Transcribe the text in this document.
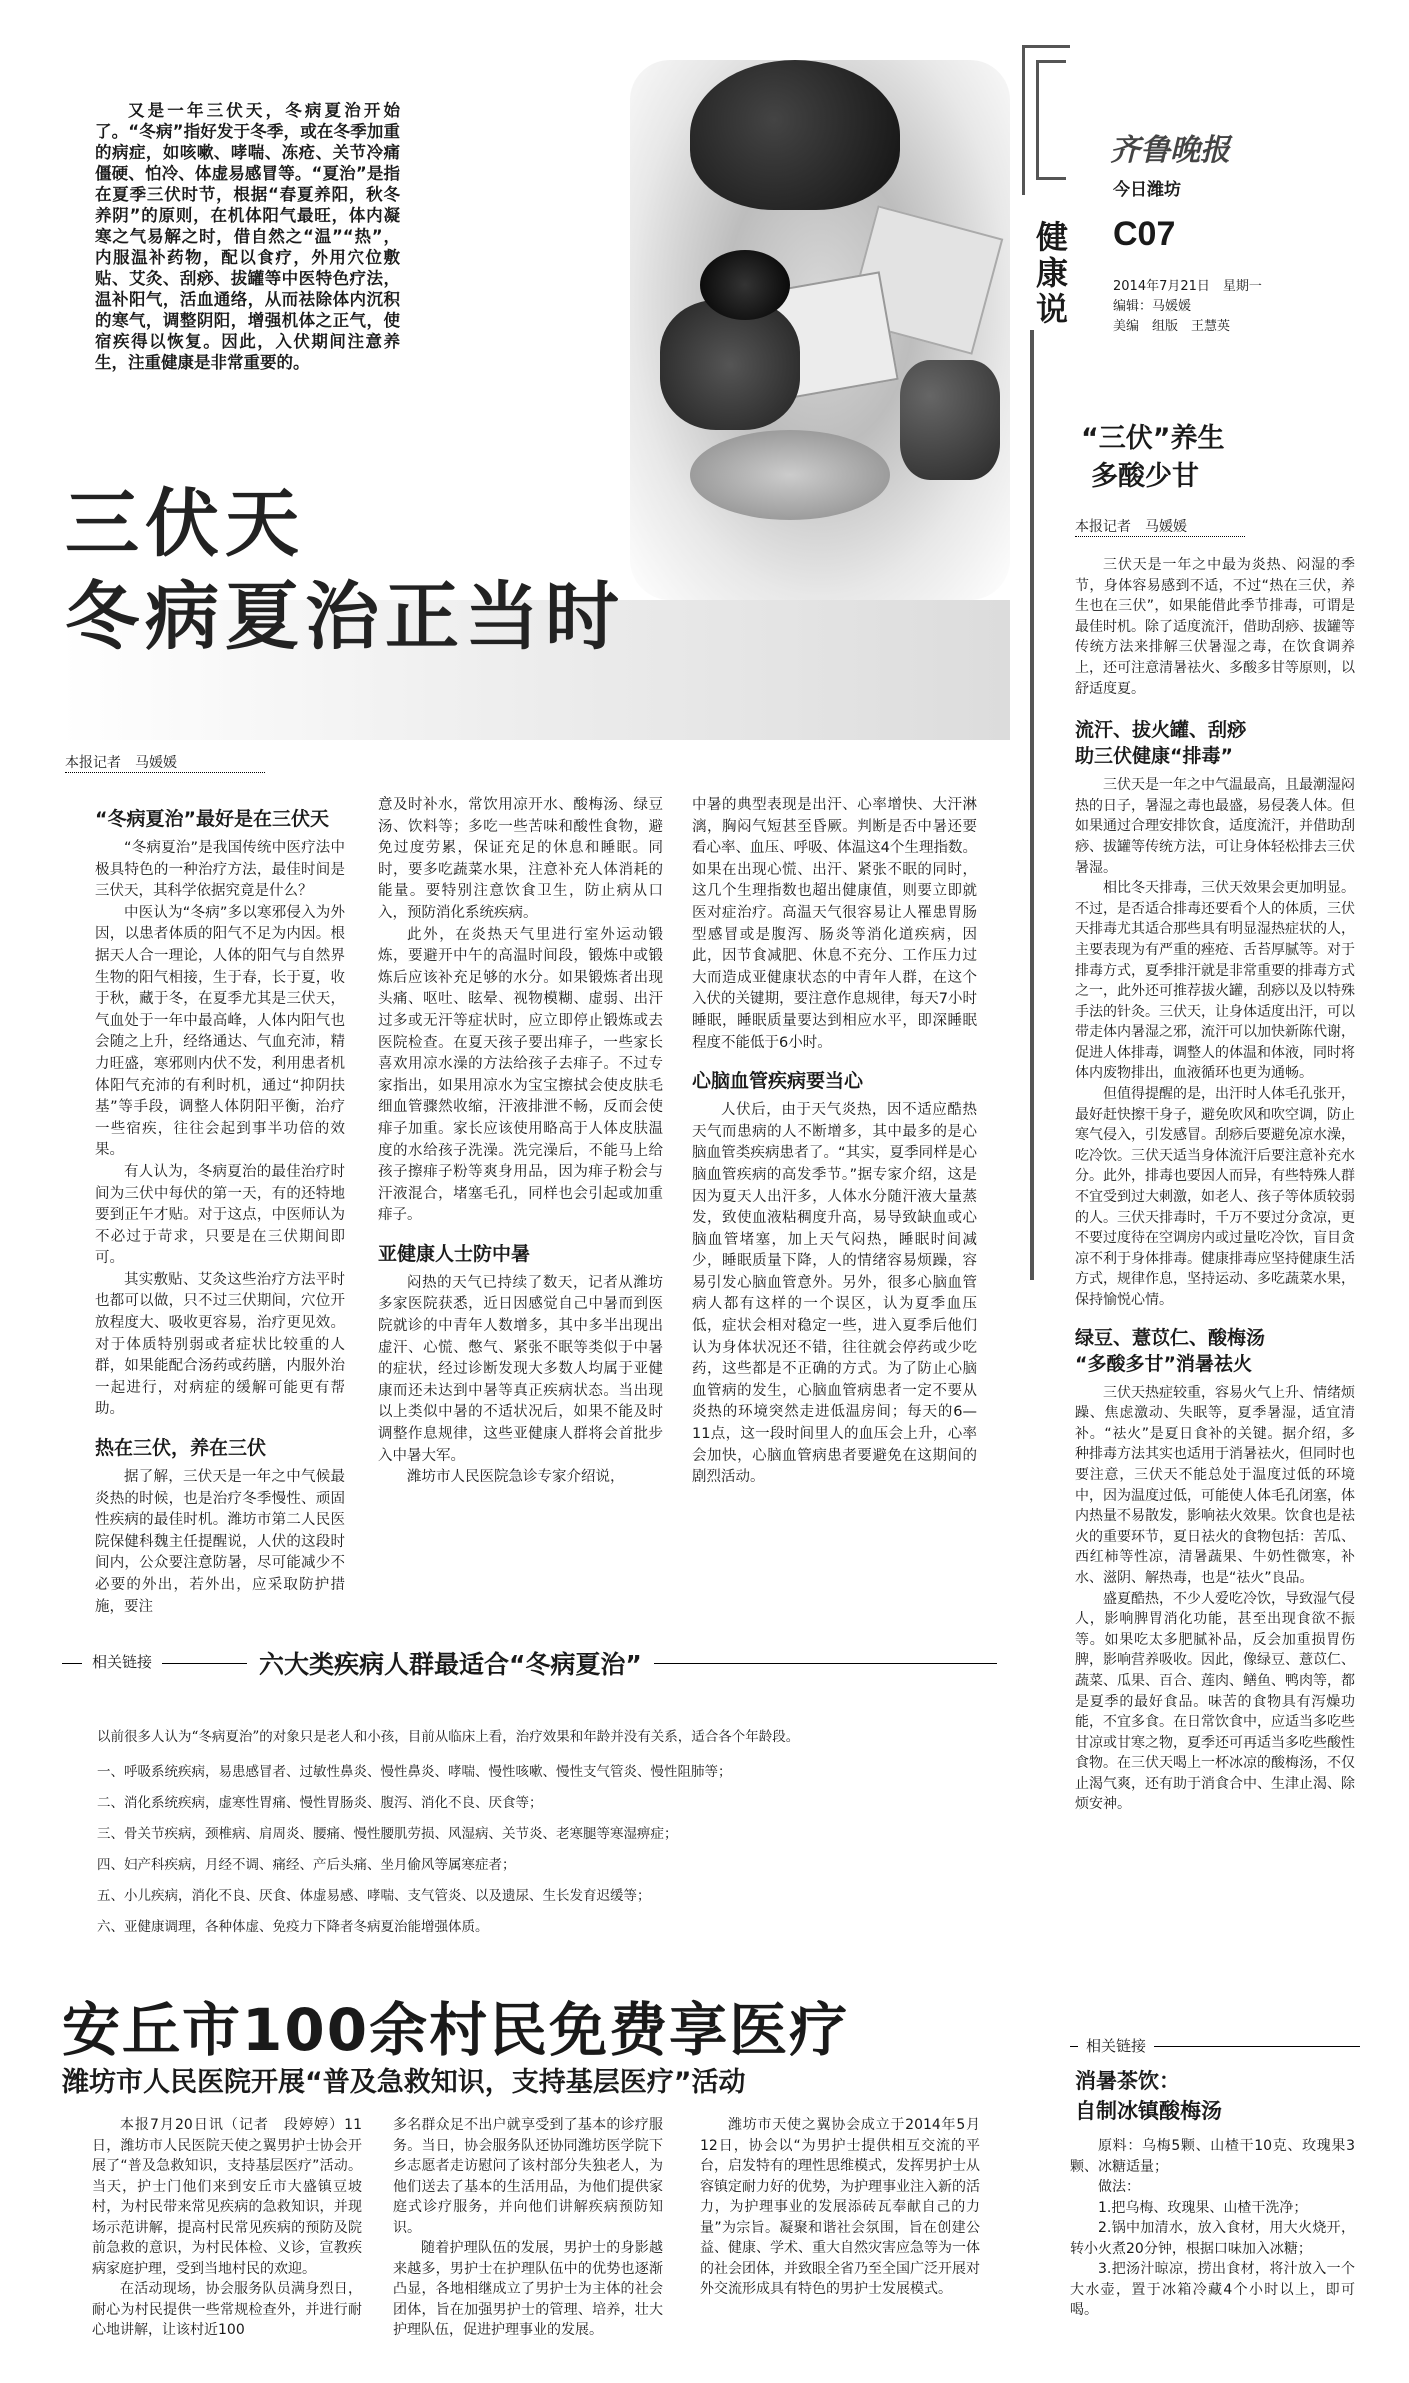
又是一年三伏天，冬病夏治开始了。“冬病”指好发于冬季，或在冬季加重的病症，如咳嗽、哮喘、冻疮、关节冷痛僵硬、怕冷、体虚易感冒等。“夏治”是指在夏季三伏时节，根据“春夏养阳，秋冬养阴”的原则，在机体阳气最旺，体内凝寒之气易解之时，借自然之“温”“热”，内服温补药物，配以食疗，外用穴位敷贴、艾灸、刮痧、拔罐等中医特色疗法，温补阳气，活血通络，从而祛除体内沉积的寒气，调整阴阳，增强机体之正气，使宿疾得以恢复。因此，入伏期间注意养生，注重健康是非常重要的。
三伏天
冬病夏治正当时
本报记者　马媛媛
“冬病夏治”最好是在三伏天

“冬病夏治”是我国传统中医疗法中极具特色的一种治疗方法，最佳时间是三伏天，其科学依据究竟是什么？

中医认为“冬病”多以寒邪侵入为外因，以患者体质的阳气不足为内因。根据天人合一理论，人体的阳气与自然界生物的阳气相接，生于春，长于夏，收于秋，藏于冬，在夏季尤其是三伏天，气血处于一年中最高峰，人体内阳气也会随之上升，经络通达、气血充沛，精力旺盛，寒邪则内伏不发，利用患者机体阳气充沛的有利时机，通过“抑阴扶基”等手段，调整人体阴阳平衡，治疗一些宿疾，往往会起到事半功倍的效果。

有人认为，冬病夏治的最佳治疗时间为三伏中每伏的第一天，有的还特地要到正午才贴。对于这点，中医师认为不必过于苛求，只要是在三伏期间即可。

其实敷贴、艾灸这些治疗方法平时也都可以做，只不过三伏期间，穴位开放程度大、吸收更容易，治疗更见效。对于体质特别弱或者症状比较重的人群，如果能配合汤药或药膳，内服外治一起进行，对病症的缓解可能更有帮助。

热在三伏，养在三伏

据了解，三伏天是一年之中气候最炎热的时候，也是治疗冬季慢性、顽固性疾病的最佳时机。潍坊市第二人民医院保健科魏主任提醒说，人伏的这段时间内，公众要注意防暑，尽可能减少不必要的外出，若外出，应采取防护措施，要注

意及时补水，常饮用凉开水、酸梅汤、绿豆汤、饮料等；多吃一些苦味和酸性食物，避免过度劳累，保证充足的休息和睡眠。同时，要多吃蔬菜水果，注意补充人体消耗的能量。要特别注意饮食卫生，防止病从口入，预防消化系统疾病。

此外，在炎热天气里进行室外运动锻炼，要避开中午的高温时间段，锻炼中或锻炼后应该补充足够的水分。如果锻炼者出现头痛、呕吐、眩晕、视物模糊、虚弱、出汗过多或无汗等症状时，应立即停止锻炼或去医院检查。在夏天孩子要出痱子，一些家长喜欢用凉水澡的方法给孩子去痱子。不过专家指出，如果用凉水为宝宝擦拭会使皮肤毛细血管骤然收缩，汗液排泄不畅，反而会使痱子加重。家长应该使用略高于人体皮肤温度的水给孩子洗澡。洗完澡后，不能马上给孩子擦痱子粉等爽身用品，因为痱子粉会与汗液混合，堵塞毛孔，同样也会引起或加重痱子。

亚健康人士防中暑

闷热的天气已持续了数天，记者从潍坊多家医院获悉，近日因感觉自己中暑而到医院就诊的中青年人数增多，其中多半出现出虚汗、心慌、憋气、紧张不眠等类似于中暑的症状，经过诊断发现大多数人均属于亚健康而还未达到中暑等真正疾病状态。当出现以上类似中暑的不适状况后，如果不能及时调整作息规律，这些亚健康人群将会首批步入中暑大军。

潍坊市人民医院急诊专家介绍说，

中暑的典型表现是出汗、心率增快、大汗淋漓，胸闷气短甚至昏厥。判断是否中暑还要看心率、血压、呼吸、体温这4个生理指数。如果在出现心慌、出汗、紧张不眠的同时，这几个生理指数也超出健康值，则要立即就医对症治疗。高温天气很容易让人罹患胃肠型感冒或是腹泻、肠炎等消化道疾病，因此，因节食减肥、休息不充分、工作压力过大而造成亚健康状态的中青年人群，在这个入伏的关键期，要注意作息规律，每天7小时睡眠，睡眠质量要达到相应水平，即深睡眠程度不能低于6小时。

心脑血管疾病要当心

人伏后，由于天气炎热，因不适应酷热天气而患病的人不断增多，其中最多的是心脑血管类疾病患者了。“其实，夏季同样是心脑血管疾病的高发季节。”据专家介绍，这是因为夏天人出汗多，人体水分随汗液大量蒸发，致使血液粘稠度升高，易导致缺血或心脑血管堵塞，加上天气闷热，睡眠时间减少，睡眠质量下降，人的情绪容易烦躁，容易引发心脑血管意外。另外，很多心脑血管病人都有这样的一个误区，认为夏季血压低，症状会相对稳定一些，进入夏季后他们认为身体状况还不错，往往就会停药或少吃药，这些都是不正确的方式。为了防止心脑血管病的发生，心脑血管病患者一定不要从炎热的环境突然走进低温房间；每天的6—11点，这一段时间里人的血压会上升，心率会加快，心脑血管病患者要避免在这期间的剧烈活动。

相关链接	六大类疾病人群最适合“冬病夏治”
以前很多人认为“冬病夏治”的对象只是老人和小孩，目前从临床上看，治疗效果和年龄并没有关系，适合各个年龄段。
一、呼吸系统疾病，易患感冒者、过敏性鼻炎、慢性鼻炎、哮喘、慢性咳嗽、慢性支气管炎、慢性阻肺等；
二、消化系统疾病，虚寒性胃痛、慢性胃肠炎、腹泻、消化不良、厌食等；
三、骨关节疾病，颈椎病、肩周炎、腰痛、慢性腰肌劳损、风湿病、关节炎、老寒腿等寒湿痹症；
四、妇产科疾病，月经不调、痛经、产后头痛、坐月偷风等属寒症者；
五、小儿疾病，消化不良、厌食、体虚易感、哮喘、支气管炎、以及遗尿、生长发育迟缓等；
六、亚健康调理，各种体虚、免疫力下降者冬病夏治能增强体质。
安丘市100余村民免费享医疗
潍坊市人民医院开展“普及急救知识，支持基层医疗”活动

本报7月20日讯（记者　段婷婷）11日，潍坊市人民医院天使之翼男护士协会开展了“普及急救知识，支持基层医疗”活动。当天，护士门他们来到安丘市大盛镇豆坡村，为村民带来常见疾病的急救知识，并现场示范讲解，提高村民常见疾病的预防及院前急救的意识，为村民体检、义诊，宣教疾病家庭护理，受到当地村民的欢迎。

在活动现场，协会服务队员满身烈日，耐心为村民提供一些常规检查外，并进行耐心地讲解，让该村近100

多名群众足不出户就享受到了基本的诊疗服务。当日，协会服务队还协同潍坊医学院下乡志愿者走访慰问了该村部分失独老人，为他们送去了基本的生活用品，为他们提供家庭式诊疗服务，并向他们讲解疾病预防知识。

随着护理队伍的发展，男护士的身影越来越多，男护士在护理队伍中的优势也逐渐凸显，各地相继成立了男护士为主体的社会团体，旨在加强男护士的管理、培养，壮大护理队伍，促进护理事业的发展。

潍坊市天使之翼协会成立于2014年5月12日，协会以“为男护士提供相互交流的平台，启发特有的理性思维模式，发挥男护士从容镇定耐力好的优势，为护理事业注入新的活力，为护理事业的发展添砖瓦奉献自己的力量”为宗旨。凝聚和谐社会氛围，旨在创建公益、健康、学术、重大自然灾害应急等为一体的社会团体，并致眼全省乃至全国广泛开展对外交流形成具有特色的男护士发展模式。

健康说
齐鲁晚报
今日潍坊
C07
2014年7月21日　星期一
编辑：马媛媛
美编　组版　王慧英
“三伏”养生
多酸少甘
本报记者　马媛媛

三伏天是一年之中最为炎热、闷湿的季节，身体容易感到不适，不过“热在三伏，养生也在三伏”，如果能借此季节排毒，可谓是最佳时机。除了适度流汗，借助刮痧、拔罐等传统方法来排解三伏暑湿之毒，在饮食调养上，还可注意清暑祛火、多酸多甘等原则，以舒适度夏。

流汗、拔火罐、刮痧
助三伏健康“排毒”

三伏天是一年之中气温最高，且最潮湿闷热的日子，暑湿之毒也最盛，易侵袭人体。但如果通过合理安排饮食，适度流汗，并借助刮痧、拔罐等传统方法，可让身体轻松排去三伏暑湿。

相比冬天排毒，三伏天效果会更加明显。不过，是否适合排毒还要看个人的体质，三伏天排毒尤其适合那些具有明显湿热症状的人，主要表现为有严重的痤疮、舌苔厚腻等。对于排毒方式，夏季排汗就是非常重要的排毒方式之一，此外还可推荐拔火罐，刮痧以及以特殊手法的针灸。三伏天，让身体适度出汗，可以带走体内暑湿之邪，流汗可以加快新陈代谢，促进人体排毒，调整人的体温和体液，同时将体内废物排出，血液循环也更为通畅。

但值得提醒的是，出汗时人体毛孔张开，最好赶快擦干身子，避免吹风和吹空调，防止寒气侵入，引发感冒。刮痧后要避免凉水澡，吃冷饮。三伏天适当身体流汗后要注意补充水分。此外，排毒也要因人而异，有些特殊人群不宜受到过大刺激，如老人、孩子等体质较弱的人。三伏天排毒时，千万不要过分贪凉，更不要过度待在空调房内或过量吃冷饮，盲目贪凉不利于身体排毒。健康排毒应坚持健康生活方式，规律作息，坚持运动、多吃蔬菜水果，保持愉悦心情。

绿豆、薏苡仁、酸梅汤
“多酸多甘”消暑祛火

三伏天热症较重，容易火气上升、情绪烦躁、焦虑激动、失眠等，夏季暑湿，适宜清补。“祛火”是夏日食补的关键。据介绍，多种排毒方法其实也适用于消暑祛火，但同时也要注意，三伏天不能总处于温度过低的环境中，因为温度过低，可能使人体毛孔闭塞，体内热量不易散发，影响祛火效果。饮食也是祛火的重要环节，夏日祛火的食物包括：苦瓜、西红柿等性凉，清暑蔬果、牛奶性微寒，补水、滋阴、解热毒，也是“祛火”良品。

盛夏酷热，不少人爱吃冷饮，导致湿气侵人，影响脾胃消化功能，甚至出现食欲不振等。如果吃太多肥腻补品，反会加重损胃伤脾，影响营养吸收。因此，像绿豆、薏苡仁、蔬菜、瓜果、百合、莲肉、鳝鱼、鸭肉等，都是夏季的最好食品。味苦的食物具有泻燥功能，不宜多食。在日常饮食中，应适当多吃些甘凉或甘寒之物，夏季还可再适当多吃些酸性食物。在三伏天喝上一杯冰凉的酸梅汤，不仅止渴气爽，还有助于消食合中、生津止渴、除烦安神。

相关链接
消暑茶饮：
自制冰镇酸梅汤

原料：乌梅5颗、山楂干10克、玫瑰果3颗、冰糖适量；

做法：

1.把乌梅、玫瑰果、山楂干洗净；

2.锅中加清水，放入食材，用大火烧开，转小火煮20分钟，根据口味加入冰糖；

3.把汤汁晾凉，捞出食材，将汁放入一个大水壶，置于冰箱冷藏4个小时以上，即可喝。
